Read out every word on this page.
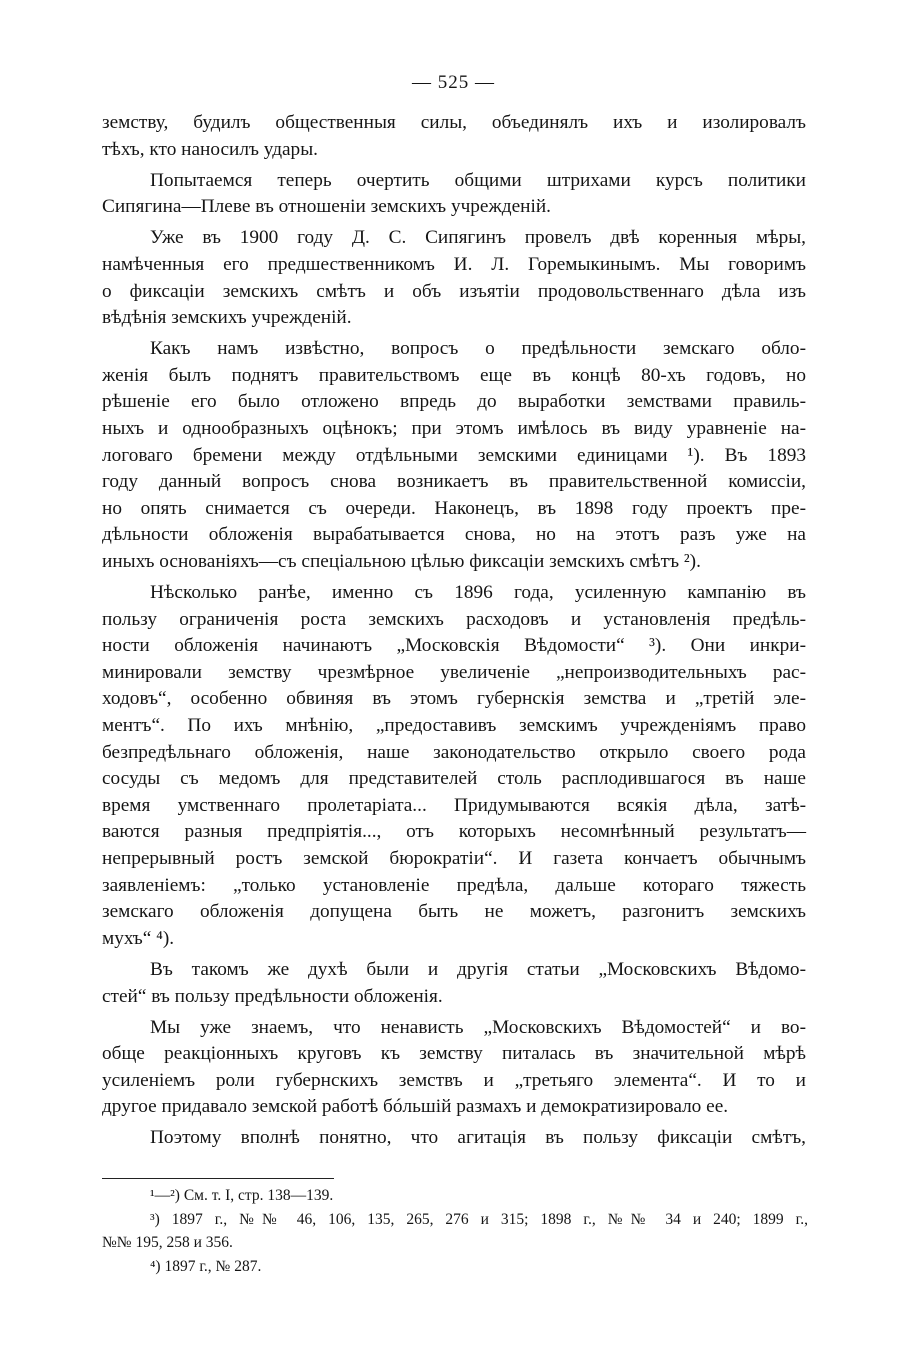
— 525 —
земству, будилъ общественныя силы, объединялъ ихъ и изолировалъ
тѣхъ, кто наносилъ удары.
Попытаемся теперь очертить общими штрихами курсъ политики
Сипягина—Плеве въ отношеніи земскихъ учрежденій.
Уже въ 1900 году Д. С. Сипягинъ провелъ двѣ коренныя мѣры,
намѣченныя его предшественникомъ И. Л. Горемыкинымъ. Мы говоримъ
о фиксаціи земскихъ смѣтъ и объ изъятіи продовольственнаго дѣла изъ
вѣдѣнія земскихъ учрежденій.
Какъ намъ извѣстно, вопросъ о предѣльности земскаго обло-
женія былъ поднятъ правительствомъ еще въ концѣ 80-хъ годовъ, но
рѣшеніе его было отложено впредь до выработки земствами правиль-
ныхъ и однообразныхъ оцѣнокъ; при этомъ имѣлось въ виду уравненіе на-
логоваго бремени между отдѣльными земскими единицами ¹). Въ 1893
году данный вопросъ снова возникаетъ въ правительственной комиссіи,
но опять снимается съ очереди. Наконецъ, въ 1898 году проектъ пре-
дѣльности обложенія вырабатывается снова, но на этотъ разъ уже на
иныхъ основаніяхъ—съ спеціальною цѣлью фиксаціи земскихъ смѣтъ ²).
Нѣсколько ранѣе, именно съ 1896 года, усиленную кампанію въ
пользу ограниченія роста земскихъ расходовъ и установленія предѣль-
ности обложенія начинаютъ „Московскія Вѣдомости“ ³). Они инкри-
минировали земству чрезмѣрное увеличеніе „непроизводительныхъ рас-
ходовъ“, особенно обвиняя въ этомъ губернскія земства и „третій эле-
ментъ“. По ихъ мнѣнію, „предоставивъ земскимъ учрежденіямъ право
безпредѣльнаго обложенія, наше законодательство открыло своего рода
сосуды съ медомъ для представителей столь расплодившагося въ наше
время умственнаго пролетаріата... Придумываются всякія дѣла, затѣ-
ваются разныя предпріятія..., отъ которыхъ несомнѣнный результатъ—
непрерывный ростъ земской бюрократіи“. И газета кончаетъ обычнымъ
заявленіемъ: „только установленіе предѣла, дальше котораго тяжесть
земскаго обложенія допущена быть не можетъ, разгонитъ земскихъ
мухъ“ ⁴).
Въ такомъ же духѣ были и другія статьи „Московскихъ Вѣдомо-
стей“ въ пользу предѣльности обложенія.
Мы уже знаемъ, что ненависть „Московскихъ Вѣдомостей“ и во-
обще реакціонныхъ круговъ къ земству питалась въ значительной мѣрѣ
усиленіемъ роли губернскихъ земствъ и „третьяго элемента“. И то и
другое придавало земской работѣ бóльшій размахъ и демократизировало ее.
Поэтому вполнѣ понятно, что агитація въ пользу фиксаціи смѣтъ,
¹—²) См. т. I, стр. 138—139.
³) 1897 г., №№ 46, 106, 135, 265, 276 и 315; 1898 г., №№ 34 и 240; 1899 г.,
№№ 195, 258 и 356.
⁴) 1897 г., № 287.
